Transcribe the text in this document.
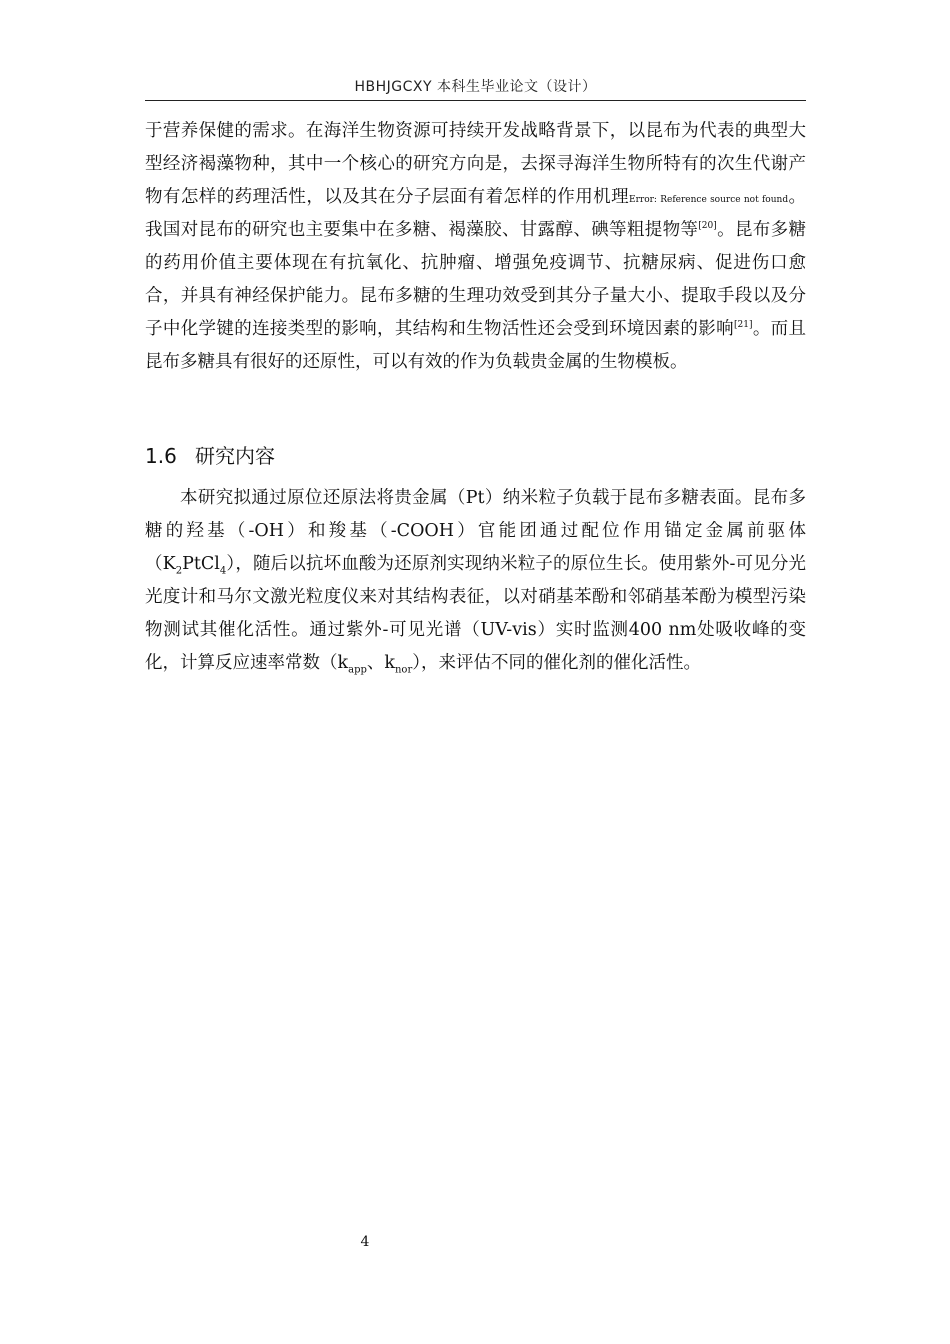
HBHJGCXY 本科生毕业论文（设计）

于营养保健的需求。在海洋生物资源可持续开发战略背景下，以昆布为代表的典型大型经济褐藻物种，其中一个核心的研究方向是，去探寻海洋生物所特有的次生代谢产物有怎样的药理活性，以及其在分子层面有着怎样的作用机理Error: Reference source not found。我国对昆布的研究也主要集中在多糖、褐藻胶、甘露醇、碘等粗提物等[20]。昆布多糖的药用价值主要体现在有抗氧化、抗肿瘤、增强免疫调节、抗糖尿病、促进伤口愈合，并具有神经保护能力。昆布多糖的生理功效受到其分子量大小、提取手段以及分子中化学键的连接类型的影响，其结构和生物活性还会受到环境因素的影响[21]。而且昆布多糖具有很好的还原性，可以有效的作为负载贵金属的生物模板。

1.6 研究内容

本研究拟通过原位还原法将贵金属（Pt）纳米粒子负载于昆布多糖表面。昆布多糖的羟基（-OH）和羧基（-COOH）官能团通过配位作用锚定金属前驱体$(K_2PtCl_4)$，随后以抗坏血酸为还原剂实现纳米粒子的原位生长。使用紫外-可见分光光度计和马尔文激光粒度仪来对其结构表征，以对硝基苯酚和邻硝基苯酚为模型污染物测试其催化活性。通过紫外-可见光谱（UV-vis）实时监测400 nm处吸收峰的变化，计算反应速率常数（$k_{app}$、$k_{nor}$），来评估不同的催化剂的催化活性。

4
